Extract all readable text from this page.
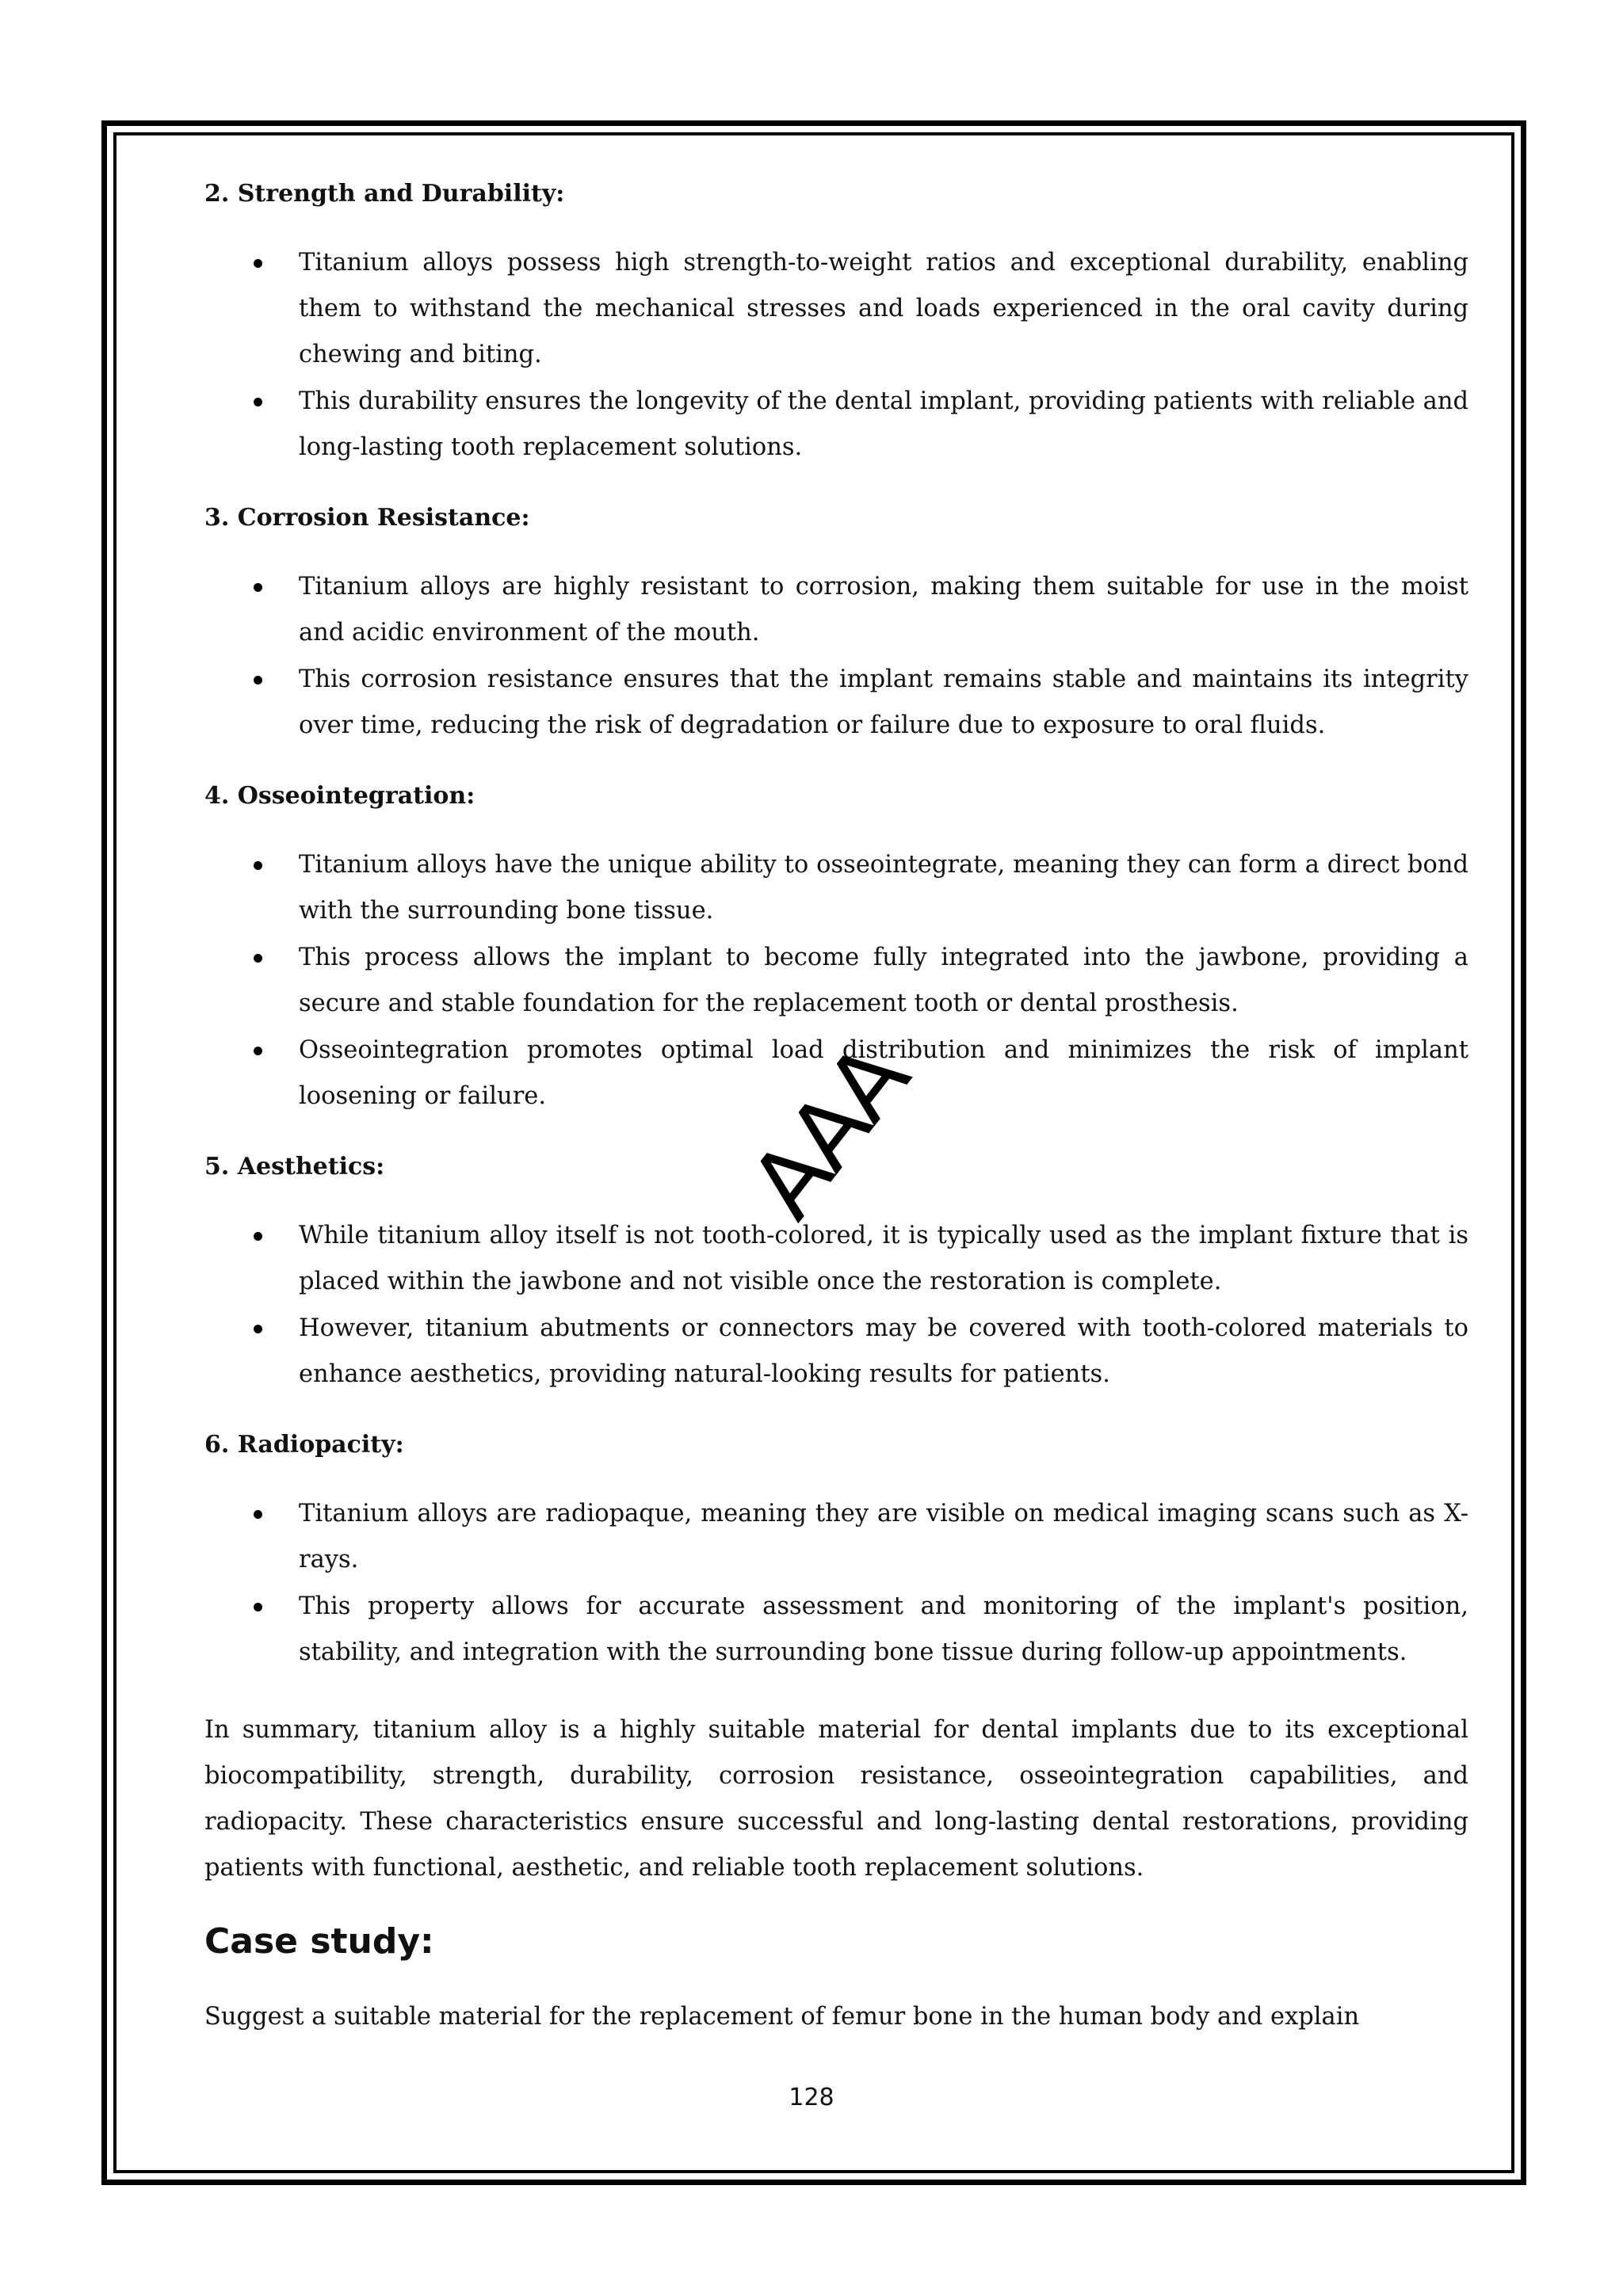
2. Strength and Durability:
Titanium alloys possess high strength-to-weight ratios and exceptional durability, enabling them to withstand the mechanical stresses and loads experienced in the oral cavity during chewing and biting.
This durability ensures the longevity of the dental implant, providing patients with reliable and long-lasting tooth replacement solutions.
3. Corrosion Resistance:
Titanium alloys are highly resistant to corrosion, making them suitable for use in the moist and acidic environment of the mouth.
This corrosion resistance ensures that the implant remains stable and maintains its integrity over time, reducing the risk of degradation or failure due to exposure to oral fluids.
4. Osseointegration:
Titanium alloys have the unique ability to osseointegrate, meaning they can form a direct bond with the surrounding bone tissue.
This process allows the implant to become fully integrated into the jawbone, providing a secure and stable foundation for the replacement tooth or dental prosthesis.
Osseointegration promotes optimal load distribution and minimizes the risk of implant loosening or failure.
5. Aesthetics:
While titanium alloy itself is not tooth-colored, it is typically used as the implant fixture that is placed within the jawbone and not visible once the restoration is complete.
However, titanium abutments or connectors may be covered with tooth-colored materials to enhance aesthetics, providing natural-looking results for patients.
6. Radiopacity:
Titanium alloys are radiopaque, meaning they are visible on medical imaging scans such as X-rays.
This property allows for accurate assessment and monitoring of the implant's position, stability, and integration with the surrounding bone tissue during follow-up appointments.

In summary, titanium alloy is a highly suitable material for dental implants due to its exceptional biocompatibility, strength, durability, corrosion resistance, osseointegration capabilities, and radiopacity. These characteristics ensure successful and long-lasting dental restorations, providing patients with functional, aesthetic, and reliable tooth replacement solutions.

Case study:

Suggest a suitable material for the replacement of femur bone in the human body and explain

AAA
128
